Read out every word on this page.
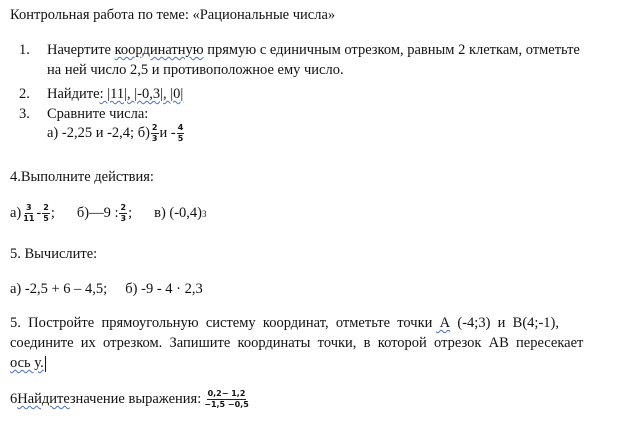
Контрольная работа по теме: «Рациональные числа»
1. Начертите координатную прямую с единичным отрезком, равным 2 клеткам, отметьте
на ней число 2,5 и противоположное ему число.
2. Найдите: |11|, |-0,3|, |0|
3. Сравните числа:
а) -2,25 и -2,4; $б) \frac{2}{3}$ и - $\frac{4}{5}$
4.Выполните действия:
$а) \frac{3}{11} - \frac{2}{5}$ ; б)—9 : $\frac{2}{3}$ ; в) (-0,4) 3
5. Вычислите:
а) -2,5 + 6 – 4,5;     б) -9 - 4 · 2,3
5.  Постройте  прямоугольную  систему  координат,  отметьте  точки  А  (-4;3)  и  В(4;-1),
соедините  их  отрезком.  Запишите  координаты  точки,  в  которой  отрезок  АВ  пересекает
ось у.
6 Найдите значение выражения: $\frac{0,2- 1,2}{-1,5 -0,5}$
